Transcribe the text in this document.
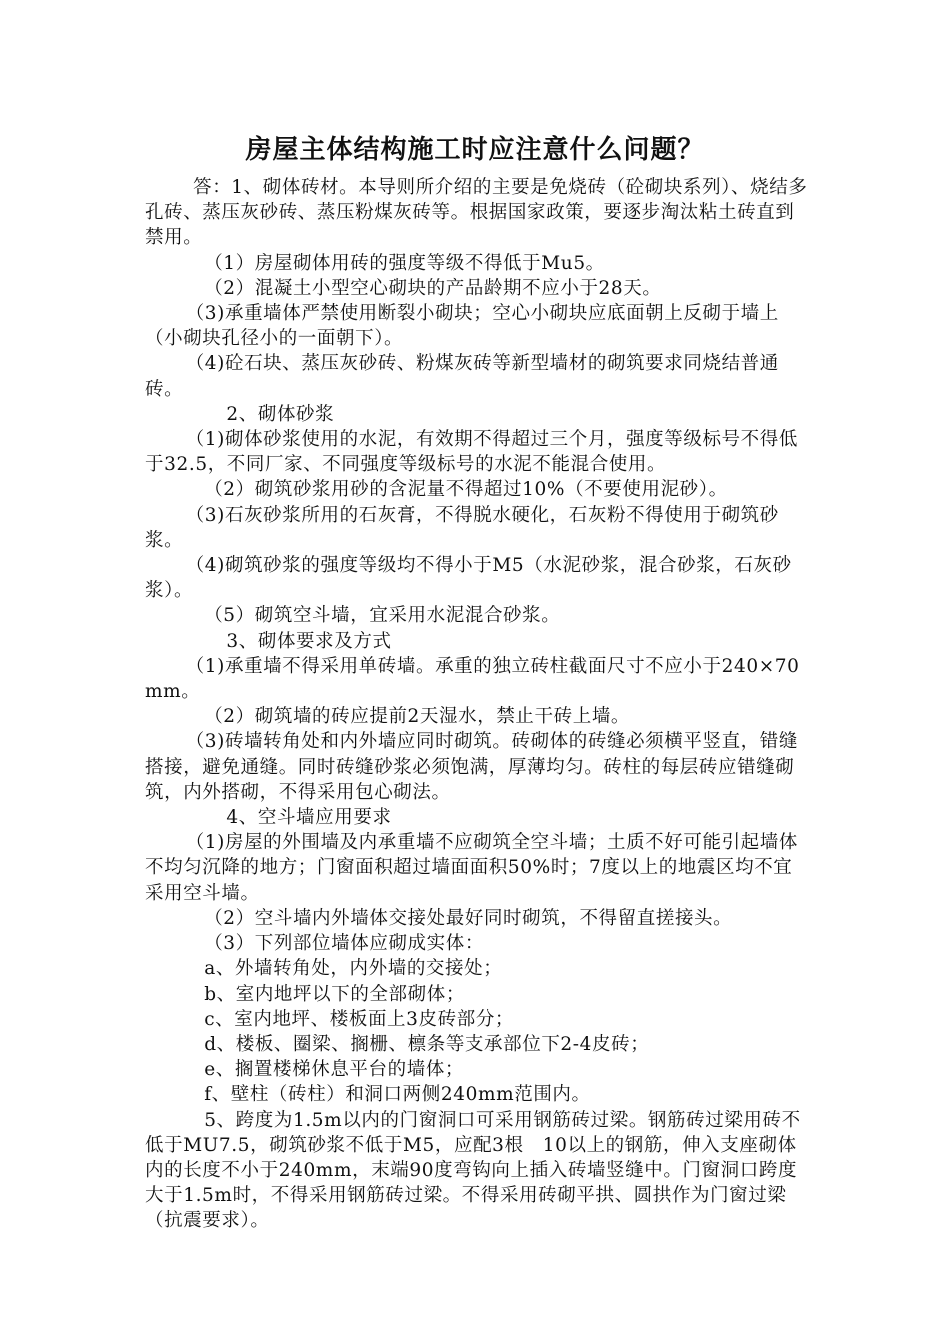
房屋主体结构施工时应注意什么问题？

答：1、砌体砖材。本导则所介绍的主要是免烧砖（砼砌块系列）、烧结多孔砖、蒸压灰砂砖、蒸压粉煤灰砖等。根据国家政策，要逐步淘汰粘土砖直到禁用。

（1）房屋砌体用砖的强度等级不得低于Mu5。

（2）混凝土小型空心砌块的产品龄期不应小于28天。

（3)承重墙体严禁使用断裂小砌块；空心小砌块应底面朝上反砌于墙上（小砌块孔径小的一面朝下）。

（4)砼石块、蒸压灰砂砖、粉煤灰砖等新型墙材的砌筑要求同烧结普通砖。

2、砌体砂浆

（1)砌体砂浆使用的水泥，有效期不得超过三个月，强度等级标号不得低于32.5，不同厂家、不同强度等级标号的水泥不能混合使用。

（2）砌筑砂浆用砂的含泥量不得超过10%（不要使用泥砂）。

（3)石灰砂浆所用的石灰膏，不得脱水硬化，石灰粉不得使用于砌筑砂浆。

（4)砌筑砂浆的强度等级均不得小于M5（水泥砂浆，混合砂浆，石灰砂浆）。

（5）砌筑空斗墙，宜采用水泥混合砂浆。

3、砌体要求及方式

（1)承重墙不得采用单砖墙。承重的独立砖柱截面尺寸不应小于240×70mm。

（2）砌筑墙的砖应提前2天湿水，禁止干砖上墙。

（3)砖墙转角处和内外墙应同时砌筑。砖砌体的砖缝必须横平竖直，错缝搭接，避免通缝。同时砖缝砂浆必须饱满，厚薄均匀。砖柱的每层砖应错缝砌筑，内外搭砌，不得采用包心砌法。

4、空斗墙应用要求

（1)房屋的外围墙及内承重墙不应砌筑全空斗墙；土质不好可能引起墙体不均匀沉降的地方；门窗面积超过墙面面积50%时；7度以上的地震区均不宜采用空斗墙。

（2）空斗墙内外墙体交接处最好同时砌筑，不得留直搓接头。

（3）下列部位墙体应砌成实体：

a、外墙转角处，内外墙的交接处；

b、室内地坪以下的全部砌体；

c、室内地坪、楼板面上3皮砖部分；

d、楼板、圈梁、搁栅、檩条等支承部位下2-4皮砖；

e、搁置楼梯休息平台的墙体；

f、壁柱（砖柱）和洞口两侧240mm范围内。

5、跨度为1.5m以内的门窗洞口可采用钢筋砖过梁。钢筋砖过梁用砖不低于MU7.5，砌筑砂浆不低于M5，应配3根　10以上的钢筋，伸入支座砌体内的长度不小于240mm，末端90度弯钩向上插入砖墙竖缝中。门窗洞口跨度大于1.5m时，不得采用钢筋砖过梁。不得采用砖砌平拱、圆拱作为门窗过梁（抗震要求）。
